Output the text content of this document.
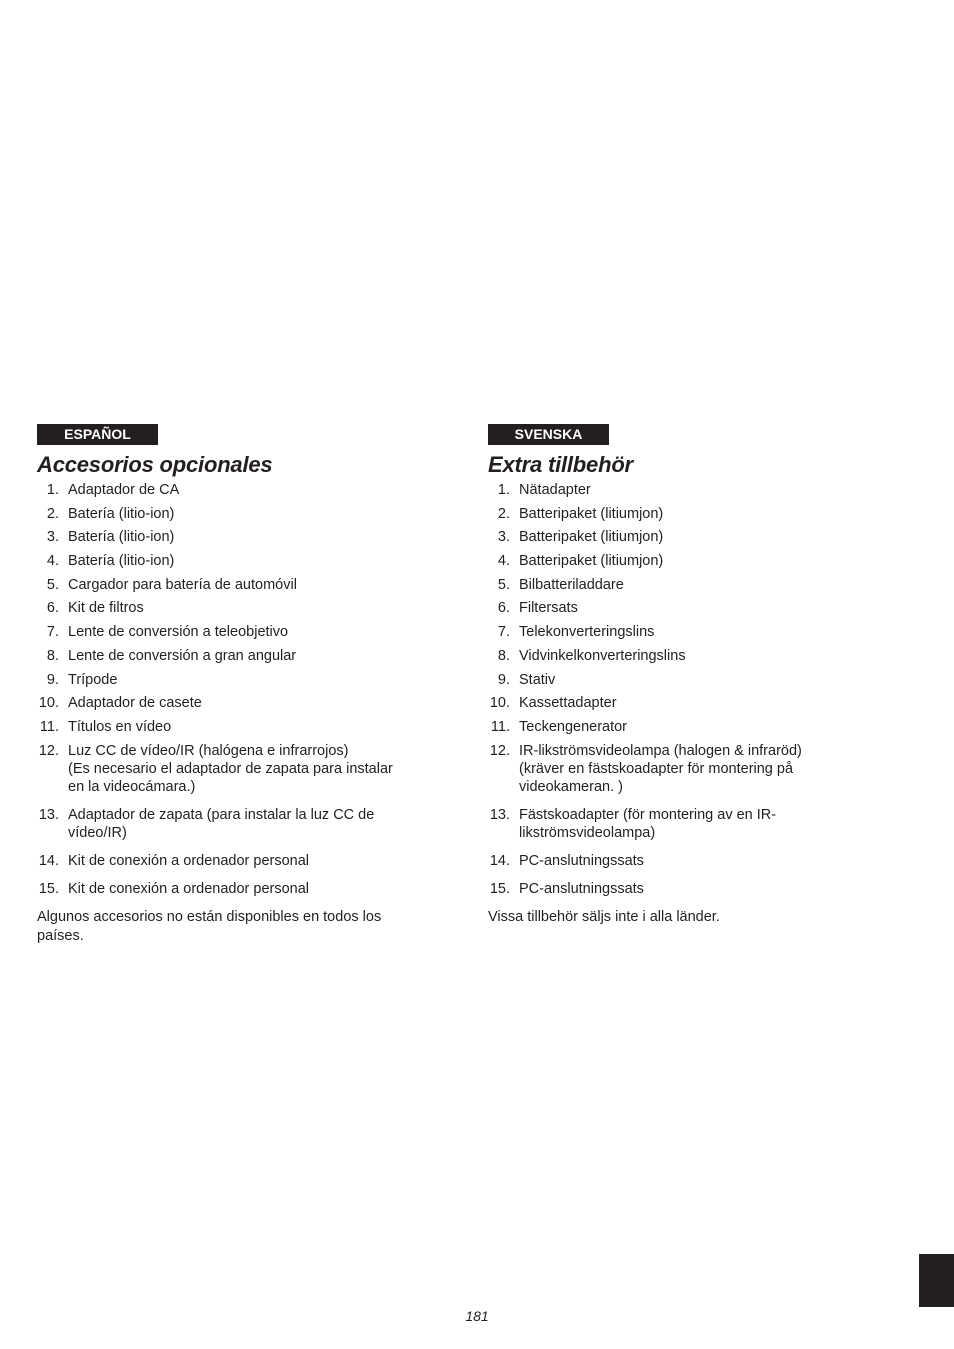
ESPAÑOL
Accesorios opcionales
1. Adaptador de CA
2. Batería (litio-ion)
3. Batería (litio-ion)
4. Batería (litio-ion)
5. Cargador para batería de automóvil
6. Kit de filtros
7. Lente de conversión a teleobjetivo
8. Lente de conversión a gran angular
9. Trípode
10. Adaptador de casete
11. Títulos en vídeo
12. Luz CC de vídeo/IR (halógena e infrarrojos)
(Es necesario el adaptador de zapata para instalar
en la videocámara.)
13. Adaptador de zapata (para instalar la luz CC de
vídeo/IR)
14. Kit de conexión a ordenador personal
15. Kit de conexión a ordenador personal
Algunos accesorios no están disponibles en todos los
países.
SVENSKA
Extra tillbehör
1. Nätadapter
2. Batteripaket (litiumjon)
3. Batteripaket (litiumjon)
4. Batteripaket (litiumjon)
5. Bilbatteriladdare
6. Filtersats
7. Telekonverteringslins
8. Vidvinkelkonverteringslins
9. Stativ
10. Kassettadapter
11. Teckengenerator
12. IR-likströmsvideolampa (halogen & infraröd)
(kräver en fästskoadapter för montering på
videokameran. )
13. Fästskoadapter (för montering av en IR-
likströmsvideolampa)
14. PC-anslutningssats
15. PC-anslutningssats
Vissa tillbehör säljs inte i alla länder.
181
